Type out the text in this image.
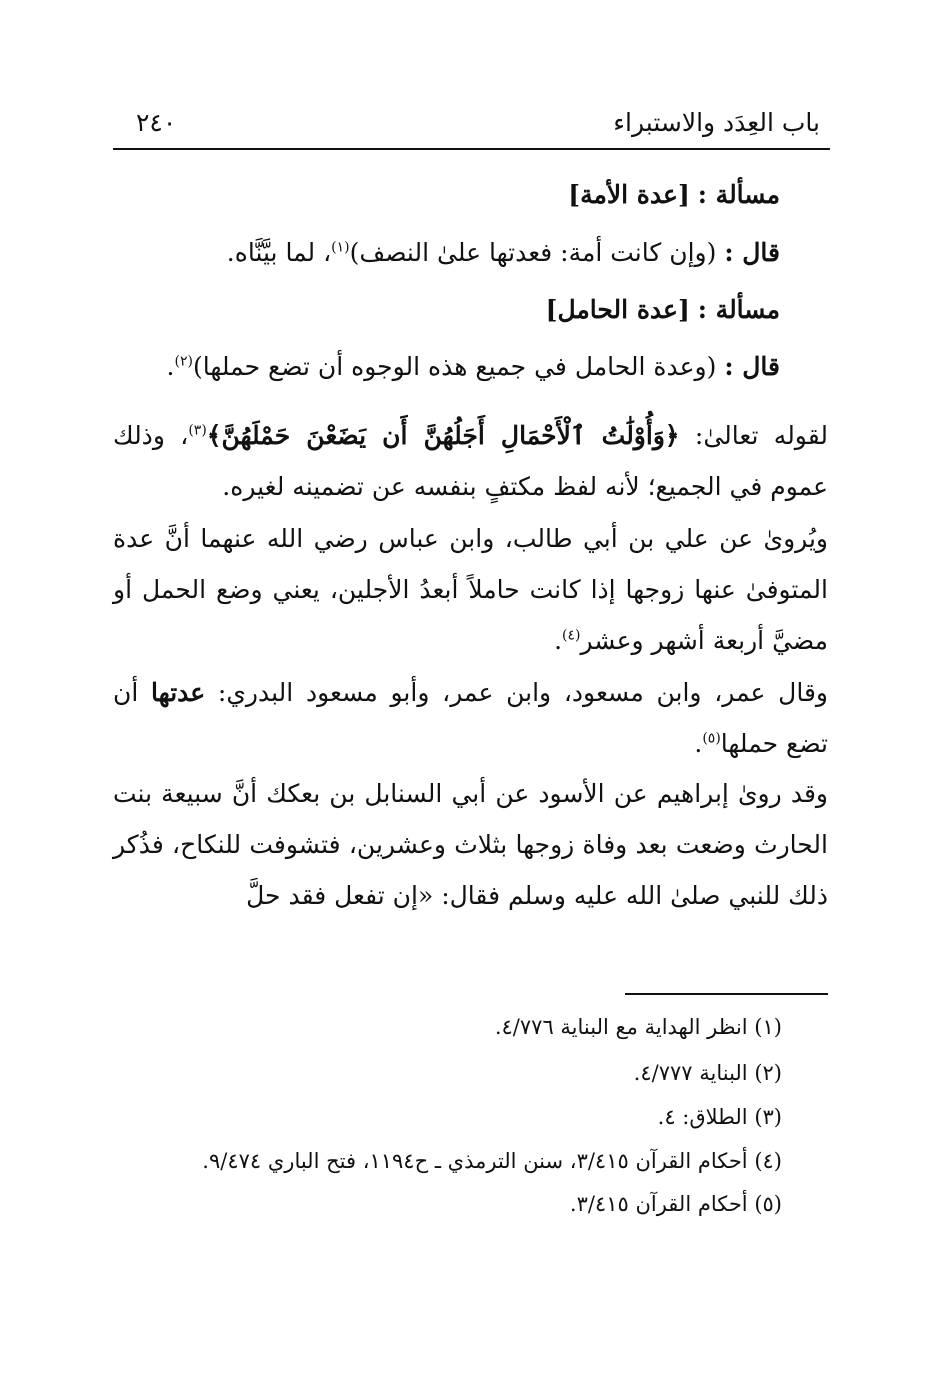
٢٤٠	باب العِدَد والاستبراء
مسألة : [عدة الأمة]
قال : (وإن كانت أمة: فعدتها علىٰ النصف)$^{(١)}$، لما بيَّنَّاه.
مسألة : [عدة الحامل]
قال : (وعدة الحامل في جميع هذه الوجوه أن تضع حملها)$^{(٢)}$.
لقوله تعالىٰ: ﴿وَأُوْلَٰتُ ٱلْأَحْمَالِ أَجَلُهُنَّ أَن يَضَعْنَ حَمْلَهُنَّ﴾$^{(٣)}$، وذلك عموم في الجميع؛ لأنه لفظ مكتفٍ بنفسه عن تضمينه لغيره.
ويُروىٰ عن علي بن أبي طالب، وابن عباس رضي الله عنهما أنَّ عدة المتوفىٰ عنها زوجها إذا كانت حاملاً أبعدُ الأجلين، يعني وضع الحمل أو مضيَّ أربعة أشهر وعشر$^{(٤)}$.
وقال عمر، وابن مسعود، وابن عمر، وأبو مسعود البدري: عدتها أن تضع حملها$^{(٥)}$.
وقد روىٰ إبراهيم عن الأسود عن أبي السنابل بن بعكك أنَّ سبيعة بنت الحارث وضعت بعد وفاة زوجها بثلاث وعشرين، فتشوفت للنكاح، فذُكر ذلك للنبي صلىٰ الله عليه وسلم فقال: «إن تفعل فقد حلَّ
(١) انظر الهداية مع البناية ٤/٧٧٦.
(٢) البناية ٤/٧٧٧.
(٣) الطلاق: ٤.
(٤) أحكام القرآن ٣/٤١٥، سنن الترمذي ـ ح١١٩٤، فتح الباري ٩/٤٧٤.
(٥) أحكام القرآن ٣/٤١٥.
